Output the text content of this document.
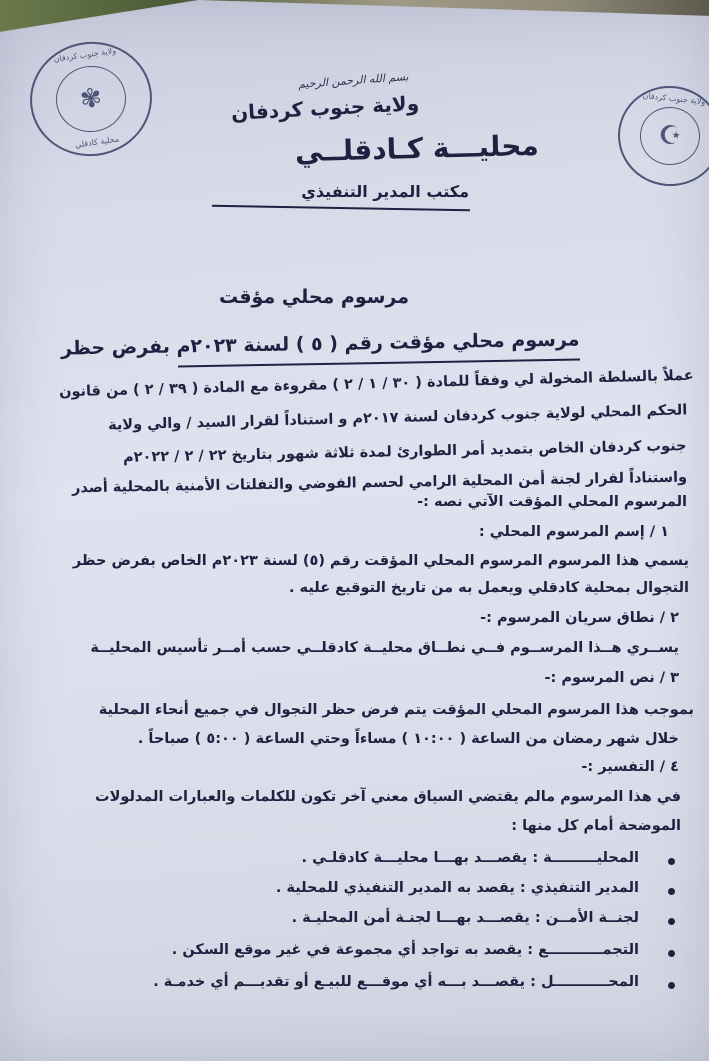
ولاية جنوب كردفان
✾
محلية كادقلي
ولاية جنوب كردفان
☪
بسم الله الرحمن الرحيم
ولاية جنوب كردفان
محليـــة كـادقلــي
مكتب المدير التنفيذي
مرسوم محلي مؤقت
مرسوم محلي مؤقت رقم ( ٥ ) لسنة ٢٠٢٣م بفرض حظر
عملاً بالسلطة المخولة لي وفقاً للمادة ( ٣٠ / ١ / ٢ ) مقروءة مع المادة ( ٣٩ / ٢ ) من قانون
الحكم المحلي لولاية جنوب كردفان لسنة ٢٠١٧م و استناداً لقرار السيد / والي ولاية
جنوب كردفان الخاص بتمديد أمر الطوارئ لمدة ثلاثة شهور بتاريخ ٢٢ / ٢ / ٢٠٢٢م
واستناداً لقرار لجنة أمن المحلية الرامي لحسم الفوضي والتفلتات الأمنية بالمحلية أصدر
المرسوم المحلي المؤقت الآتي نصه :-
١ / إسم المرسوم المحلي :
يسمي هذا المرسوم المرسوم المحلي المؤقت رقم (٥) لسنة ٢٠٢٣م الخاص بفرض حظر
التجوال بمحلية كادقلي ويعمل به من تاريخ التوقيع عليه .
٢ / نطاق سريان المرسوم :-
يســري هــذا المرســوم فــي نطــاق محليــة كادقلــي حسب أمــر تأسيس المحليــة
٣ / نص المرسوم :-
بموجب هذا المرسوم المحلي المؤقت يتم فرض حظر التجوال في جميع أنحاء المحلية
خلال شهر رمضان من الساعة ( ١٠:٠٠ ) مساءاً وحتي الساعة ( ٥:٠٠ ) صباحاً .
٤ / التفسير :-
في هذا المرسوم مالم يقتضي السياق معني آخر تكون للكلمات والعبارات المدلولات
الموضحة أمام كل منها :
المحليـــــــــة : يقصـــد بهـــا محليـــة كادقلـي .
المدير التنفيذي : يقصد به المدير التنفيذي للمحلية .
لجنــة الأمــن : يقصـــد بهـــا لجنـة أمن المحليـة .
التجمـــــــــــع : يقصد به تواجد أي مجموعة في غير موقع السكن .
المحـــــــــــل : يقصـــد بـــه أي موقـــع للبيـع أو تقديـــم أي خدمـة .
